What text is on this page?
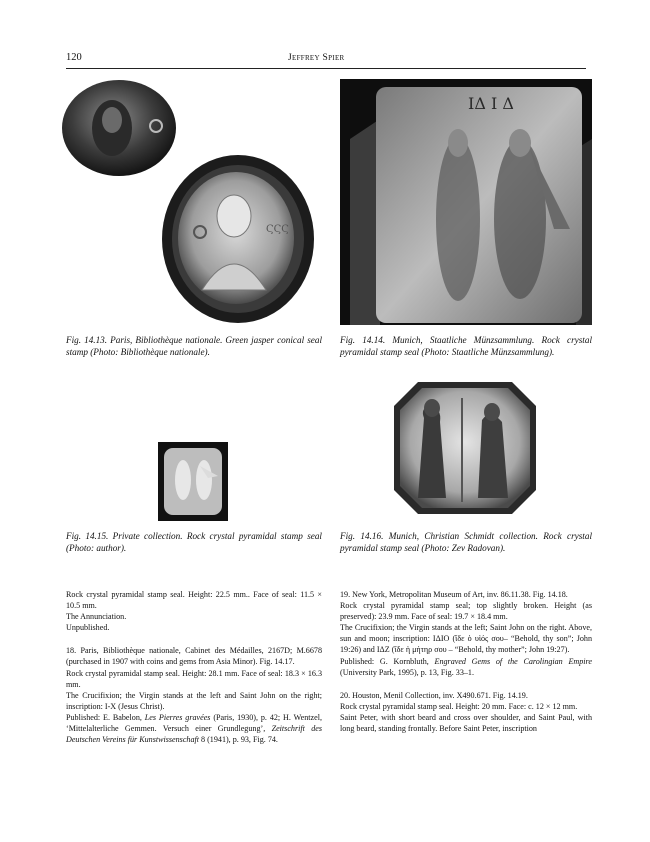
120	Jeffrey Spier
ϚϚϚ
Fig. 14.13. Paris, Bibliothèque nationale. Green jasper conical seal stamp (Photo: Bibliothèque nationale).
ΙΔ Ι Δ
Fig. 14.14. Munich, Staatliche Münzsammlung. Rock crystal pyramidal stamp seal (Photo: Staatliche Münzsammlung).
Fig. 14.15. Private collection. Rock crystal pyramidal stamp seal (Photo: author).
Fig. 14.16. Munich, Christian Schmidt collection. Rock crystal pyramidal stamp seal (Photo: Zev Radovan).

Rock crystal pyramidal stamp seal. Height: 22.5 mm.. Face of seal: 11.5 × 10.5 mm.

The Annunciation.

Unpublished.

18. Paris, Bibliothèque nationale, Cabinet des Médailles, 2167D; M.6678 (purchased in 1907 with coins and gems from Asia Minor). Fig. 14.17.

Rock crystal pyramidal stamp seal. Height: 28.1 mm. Face of seal: 18.3 × 16.3 mm.

The Crucifixion; the Virgin stands at the left and Saint John on the right; inscription: I-X (Jesus Christ).

Published: E. Babelon, Les Pierres gravées (Paris, 1930), p. 42; H. Wentzel, ‘Mittelalterliche Gemmen. Versuch einer Grundlegung’, Zeitschrift des Deutschen Vereins für Kunstwissenschaft 8 (1941), p. 93, Fig. 74.

19. New York, Metropolitan Museum of Art, inv. 86.11.38. Fig. 14.18.

Rock crystal pyramidal stamp seal; top slightly broken. Height (as preserved): 23.9 mm. Face of seal: 19.7 × 18.4 mm.

The Crucifixion; the Virgin stands at the left; Saint John on the right. Above, sun and moon; inscription: ΙΔΙΟ (ἴδε ὁ υἱός σου– “Behold, thy son”; John 19:26) and ΙΔΖ (ἴδε ἡ μήτηρ σου – “Behold, thy mother”; John 19:27).

Published: G. Kornbluth, Engraved Gems of the Carolingian Empire (University Park, 1995), p. 13, Fig. 33–1.

20. Houston, Menil Collection, inv. X490.671. Fig. 14.19.

Rock crystal pyramidal stamp seal. Height: 20 mm. Face: c. 12 × 12 mm.

Saint Peter, with short beard and cross over shoulder, and Saint Paul, with long beard, standing frontally. Before Saint Peter, inscription
